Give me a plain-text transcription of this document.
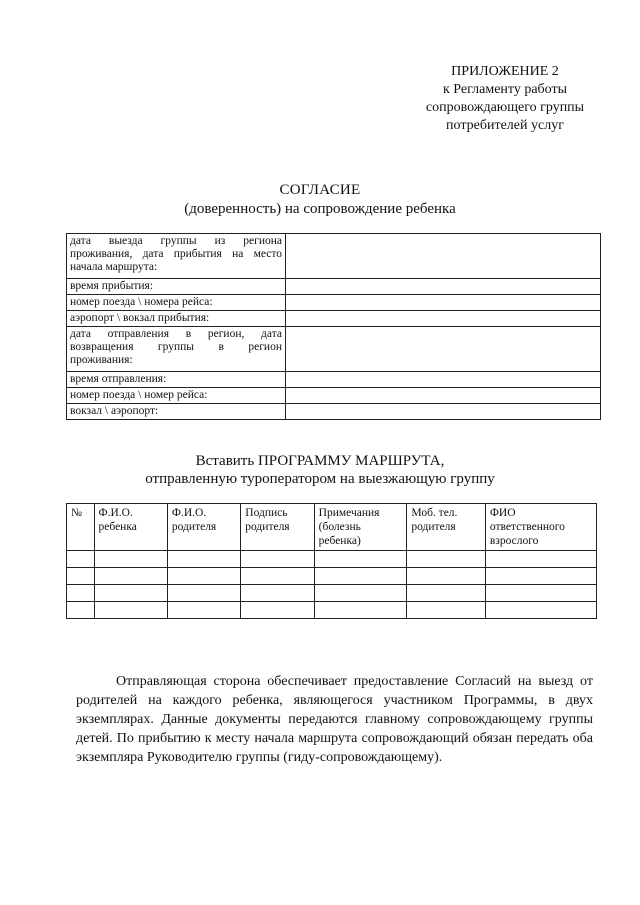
ПРИЛОЖЕНИЕ 2
к Регламенту работы
сопровождающего группы
потребителей услуг
СОГЛАСИЕ
(доверенность) на сопровождение ребенка
дата выезда группы из региона проживания, дата прибытия на место начала маршрута:	
время прибытия:	
номер поезда \ номера рейса:	
аэропорт \ вокзал прибытия:	
дата отправления в регион, дата возвращения группы в регион проживания:	
время отправления:	
номер поезда \ номер рейса:	
вокзал \ аэропорт:	
Вставить ПРОГРАММУ МАРШРУТА,
отправленную туроператором на выезжающую группу
№	Ф.И.О. ребенка	Ф.И.О. родителя	Подпись родителя	Примечания (болезнь ребенка)	Моб. тел. родителя	ФИО ответственного взрослого

Отправляющая сторона обеспечивает предоставление Согласий на выезд от родителей на каждого ребенка, являющегося участником Программы, в двух экземплярах. Данные документы передаются главному сопровождающему группы детей. По прибытию к месту начала маршрута сопровождающий обязан передать оба экземпляра Руководителю группы (гиду-сопровождающему).
